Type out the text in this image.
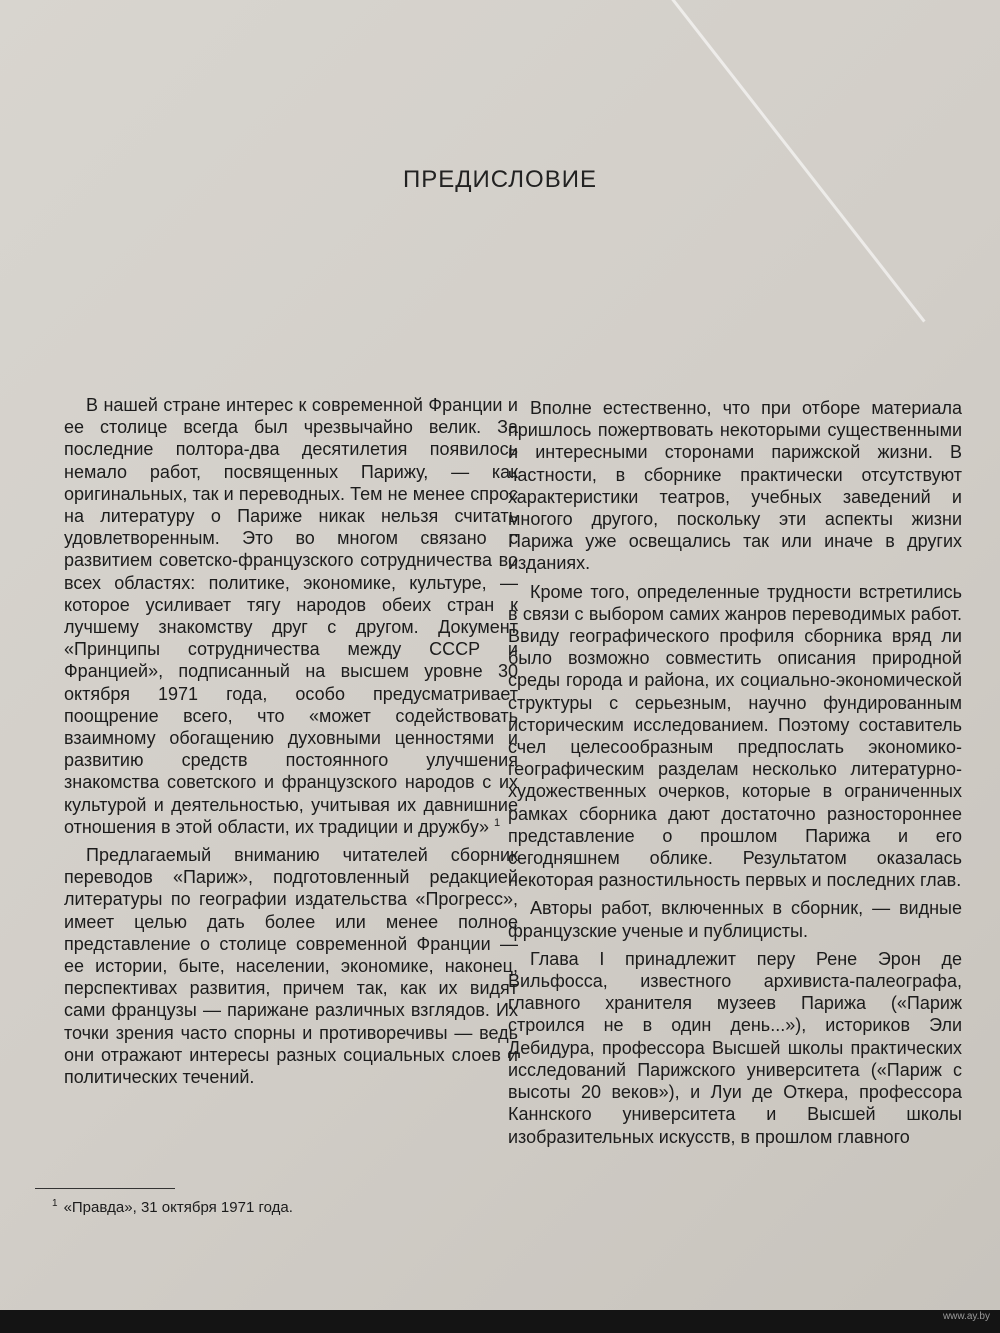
ПРЕДИСЛОВИЕ

В нашей стране интерес к современной Франции и ее столице всегда был чрезвычайно велик. За последние полтора-два десятилетия появилось немало работ, посвященных Парижу, — как оригинальных, так и переводных. Тем не менее спрос на литературу о Париже никак нельзя считать удовлетворенным. Это во многом связано с развитием советско-французского сотрудничества во всех областях: политике, экономике, культуре, — которое усиливает тягу народов обеих стран к лучшему знакомству друг с другом. Документ «Принципы сотрудничества между СССР и Францией», подписанный на высшем уровне 30 октября 1971 года, особо предусматривает поощрение всего, что «может содействовать взаимному обогащению духовными ценностями и развитию средств постоянного улучшения знакомства советского и французского народов с их культурой и деятельностью, учитывая их давнишние отношения в этой области, их традиции и дружбу» $^1$

Предлагаемый вниманию читателей сборник переводов «Париж», подготовленный редакцией литературы по географии издательства «Прогресс», имеет целью дать более или менее полное представление о столице современной Франции — ее истории, быте, населении, экономике, наконец, перспективах развития, причем так, как их видят сами французы — парижане различных взглядов. Их точки зрения часто спорны и противоречивы — ведь они отражают интересы разных социальных слоев и политических течений.

Вполне естественно, что при отборе материала пришлось пожертвовать некоторыми существенными и интересными сторонами парижской жизни. В частности, в сборнике практически отсутствуют характеристики театров, учебных заведений и многого другого, поскольку эти аспекты жизни Парижа уже освещались так или иначе в других изданиях.

Кроме того, определенные трудности встретились в связи с выбором самих жанров переводимых работ. Ввиду географического профиля сборника вряд ли было возможно совместить описания природной среды города и района, их социально-экономической структуры с серьезным, научно фундированным историческим исследованием. Поэтому составитель счел целесообразным предпослать экономико-географическим разделам несколько литературно-художественных очерков, которые в ограниченных рамках сборника дают достаточно разностороннее представление о прошлом Парижа и его сегодняшнем облике. Результатом оказалась некоторая разностильность первых и последних глав.

Авторы работ, включенных в сборник, — видные французские ученые и публицисты.

Глава I принадлежит перу Рене Эрон де Вильфосса, известного архивиста-палеографа, главного хранителя музеев Парижа («Париж строился не в один день...»), историков Эли Дебидура, профессора Высшей школы практических исследований Парижского университета («Париж с высоты 20 веков»), и Луи де Откера, профессора Каннского университета и Высшей школы изобразительных искусств, в прошлом главного

$^1$ «Правда», 31 октября 1971 года.
www.ay.by
